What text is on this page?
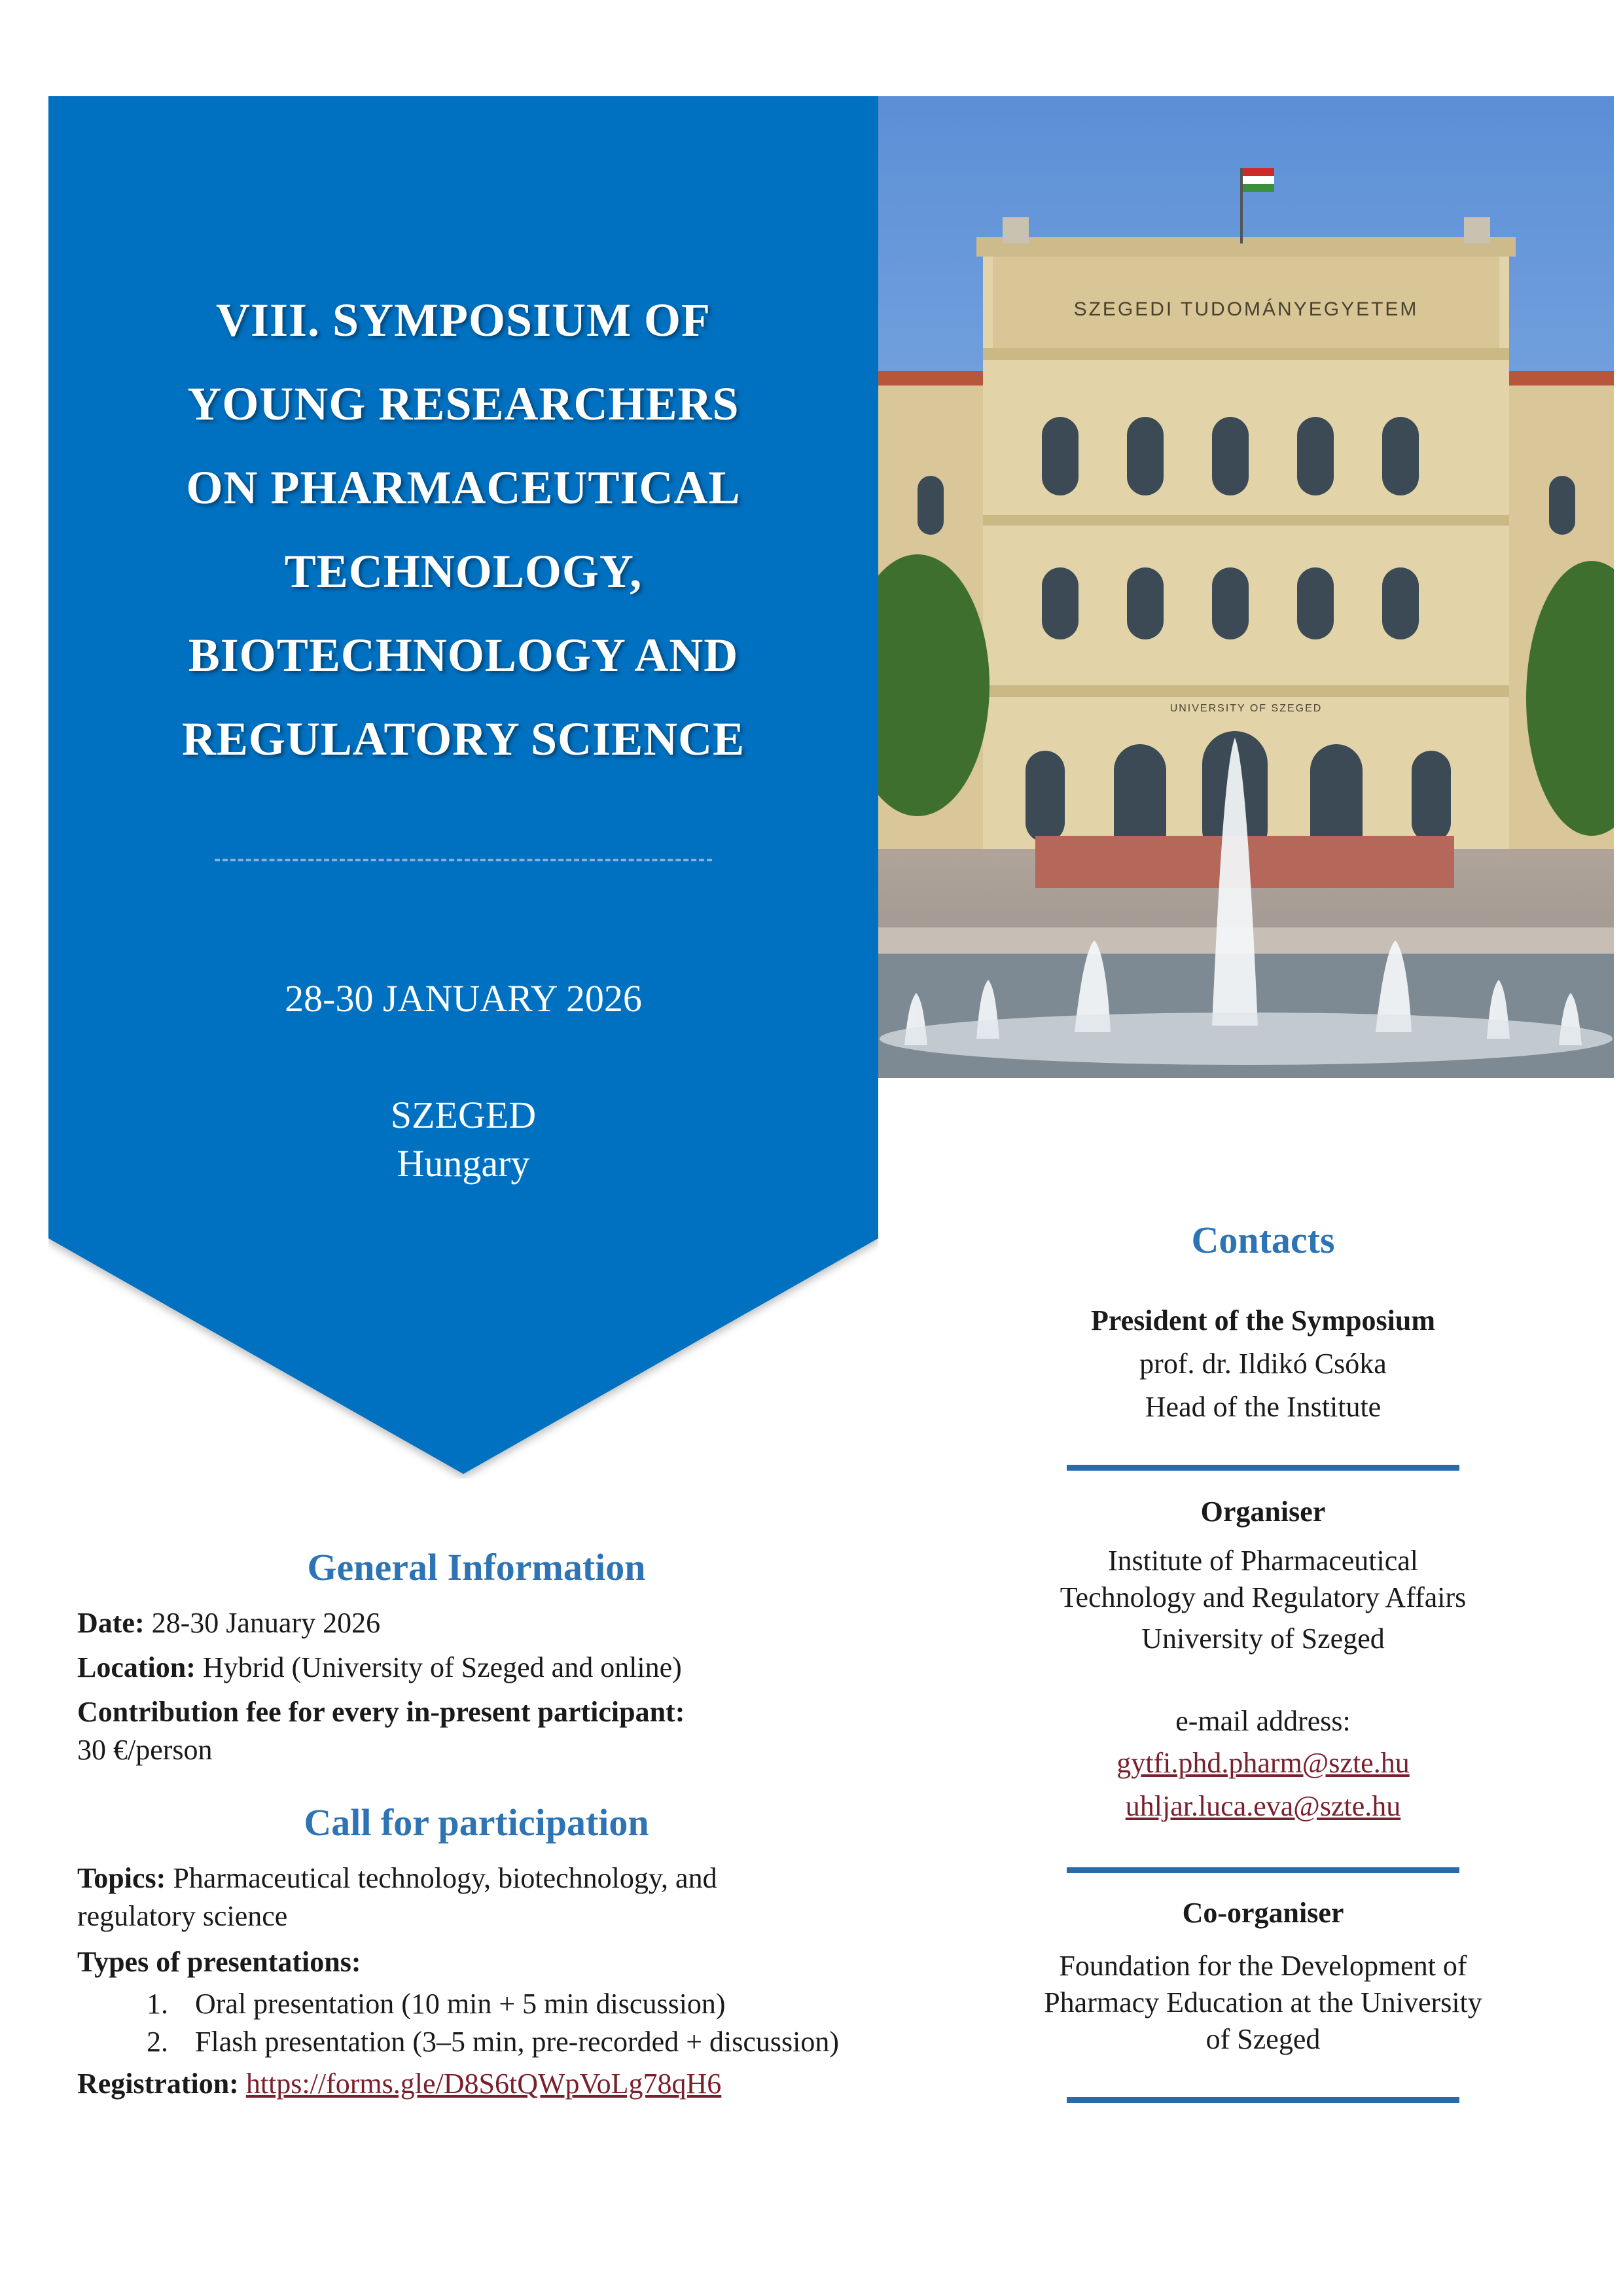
VIII. SYMPOSIUM OF
YOUNG RESEARCHERS
ON PHARMACEUTICAL
TECHNOLOGY,
BIOTECHNOLOGY AND
REGULATORY SCIENCE
28-30 JANUARY 2026
SZEGED
Hungary
SZEGEDI TUDOMÁNYEGYETEM
UNIVERSITY OF SZEGED
Contacts
President of the Symposium
prof. dr. Ildikó Csóka
Head of the Institute
Organiser
Institute of Pharmaceutical
Technology and Regulatory Affairs
University of Szeged
e-mail address:
gytfi.phd.pharm@szte.hu
uhljar.luca.eva@szte.hu
Co-organiser
Foundation for the Development of
Pharmacy Education at the University
of Szeged
General Information
Date: 28-30 January 2026
Location: Hybrid (University of Szeged and online)
Contribution fee for every in-present participant:
30 €/person
Call for participation
Topics: Pharmaceutical technology, biotechnology, and
regulatory science
Types of presentations:
1. Oral presentation (10 min + 5 min discussion)
2. Flash presentation (3–5 min, pre-recorded + discussion)
Registration: https://forms.gle/D8S6tQWpVoLg78qH6
